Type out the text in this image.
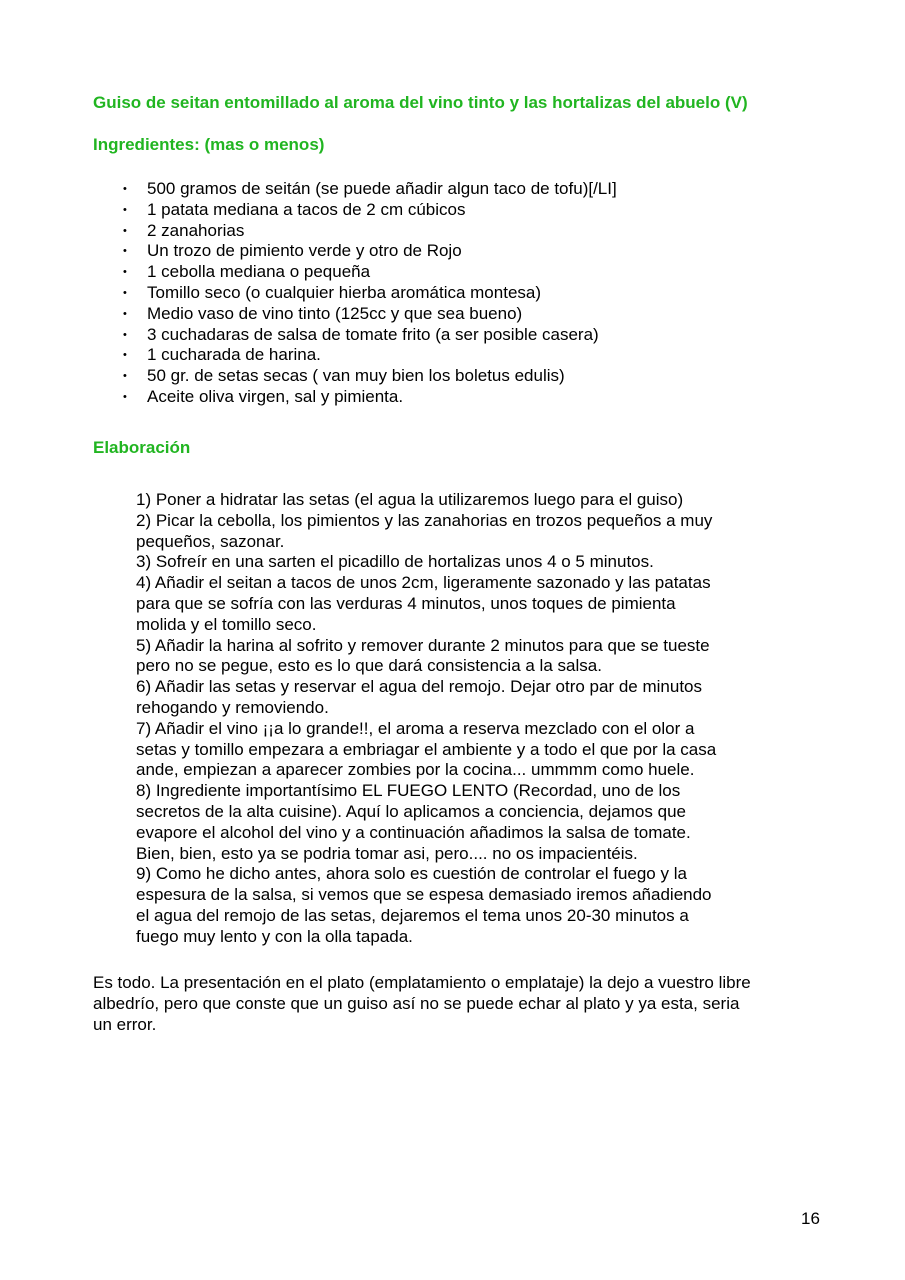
Guiso de seitan entomillado al aroma del vino tinto y las hortalizas del abuelo (V)
Ingredientes: (mas o menos)
• 500 gramos de seitán (se puede añadir algun taco de tofu)[/LI]
• 1 patata mediana a tacos de 2 cm cúbicos
• 2 zanahorias
• Un trozo de pimiento verde y otro de Rojo
• 1 cebolla mediana o pequeña
• Tomillo seco (o cualquier hierba aromática montesa)
• Medio vaso de vino tinto (125cc y que sea bueno)
• 3 cuchadaras de salsa de tomate frito (a ser posible casera)
• 1 cucharada de harina.
• 50 gr. de setas secas ( van muy bien los boletus edulis)
• Aceite oliva virgen, sal y pimienta.
Elaboración
1) Poner a hidratar las setas (el agua la utilizaremos luego para el guiso)
2) Picar la cebolla, los pimientos y las zanahorias en trozos pequeños a muy
pequeños, sazonar.
3) Sofreír en una sarten el picadillo de hortalizas unos 4 o 5 minutos.
4) Añadir el seitan a tacos de unos 2cm, ligeramente sazonado y las patatas
para que se sofría con las verduras 4 minutos, unos toques de pimienta
molida y el tomillo seco.
5) Añadir la harina al sofrito y remover durante 2 minutos para que se tueste
pero no se pegue, esto es lo que dará consistencia a la salsa.
6) Añadir las setas y reservar el agua del remojo. Dejar otro par de minutos
rehogando y removiendo.
7) Añadir el vino ¡¡a lo grande!!, el aroma a reserva mezclado con el olor a
setas y tomillo empezara a embriagar el ambiente y a todo el que por la casa
ande, empiezan a aparecer zombies por la cocina... ummmm como huele.
8) Ingrediente importantísimo EL FUEGO LENTO (Recordad, uno de los
secretos de la alta cuisine). Aquí lo aplicamos a conciencia, dejamos que
evapore el alcohol del vino y a continuación añadimos la salsa de tomate.
Bien, bien, esto ya se podria tomar asi, pero.... no os impacientéis.
9) Como he dicho antes, ahora solo es cuestión de controlar el fuego y la
espesura de la salsa, si vemos que se espesa demasiado iremos añadiendo
el agua del remojo de las setas, dejaremos el tema unos 20-30 minutos a
fuego muy lento y con la olla tapada.
Es todo. La presentación en el plato (emplatamiento o emplataje) la dejo a vuestro libre
albedrío, pero que conste que un guiso así no se puede echar al plato y ya esta, seria
un error.
16
